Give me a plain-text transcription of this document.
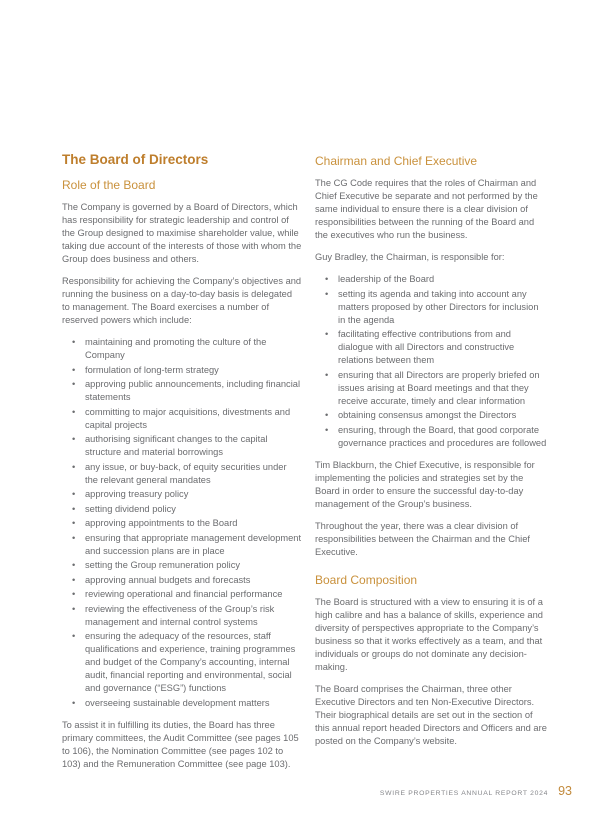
The Board of Directors
Role of the Board

The Company is governed by a Board of Directors, which has responsibility for strategic leadership and control of the Group designed to maximise shareholder value, while taking due account of the interests of those with whom the Group does business and others.

Responsibility for achieving the Company’s objectives and running the business on a day-to-day basis is delegated to management. The Board exercises a number of reserved powers which include:

• maintaining and promoting the culture of the Company
• formulation of long-term strategy
• approving public announcements, including financial statements
• committing to major acquisitions, divestments and capital projects
• authorising significant changes to the capital structure and material borrowings
• any issue, or buy-back, of equity securities under the relevant general mandates
• approving treasury policy
• setting dividend policy
• approving appointments to the Board
• ensuring that appropriate management development and succession plans are in place
• setting the Group remuneration policy
• approving annual budgets and forecasts
• reviewing operational and financial performance
• reviewing the effectiveness of the Group’s risk management and internal control systems
• ensuring the adequacy of the resources, staff qualifications and experience, training programmes and budget of the Company’s accounting, internal audit, financial reporting and environmental, social and governance (“ESG”) functions
• overseeing sustainable development matters

To assist it in fulfilling its duties, the Board has three primary committees, the Audit Committee (see pages 105 to 106), the Nomination Committee (see pages 102 to 103) and the Remuneration Committee (see page 103).

Chairman and Chief Executive

The CG Code requires that the roles of Chairman and Chief Executive be separate and not performed by the same individual to ensure there is a clear division of responsibilities between the running of the Board and the executives who run the business.

Guy Bradley, the Chairman, is responsible for:

• leadership of the Board
• setting its agenda and taking into account any matters proposed by other Directors for inclusion in the agenda
• facilitating effective contributions from and dialogue with all Directors and constructive relations between them
• ensuring that all Directors are properly briefed on issues arising at Board meetings and that they receive accurate, timely and clear information
• obtaining consensus amongst the Directors
• ensuring, through the Board, that good corporate governance practices and procedures are followed

Tim Blackburn, the Chief Executive, is responsible for implementing the policies and strategies set by the Board in order to ensure the successful day-to-day management of the Group’s business.

Throughout the year, there was a clear division of responsibilities between the Chairman and the Chief Executive.

Board Composition

The Board is structured with a view to ensuring it is of a high calibre and has a balance of skills, experience and diversity of perspectives appropriate to the Company’s business so that it works effectively as a team, and that individuals or groups do not dominate any decision-making.

The Board comprises the Chairman, three other Executive Directors and ten Non-Executive Directors. Their biographical details are set out in the section of this annual report headed Directors and Officers and are posted on the Company’s website.

SWIRE PROPERTIES ANNUAL REPORT 2024 93
